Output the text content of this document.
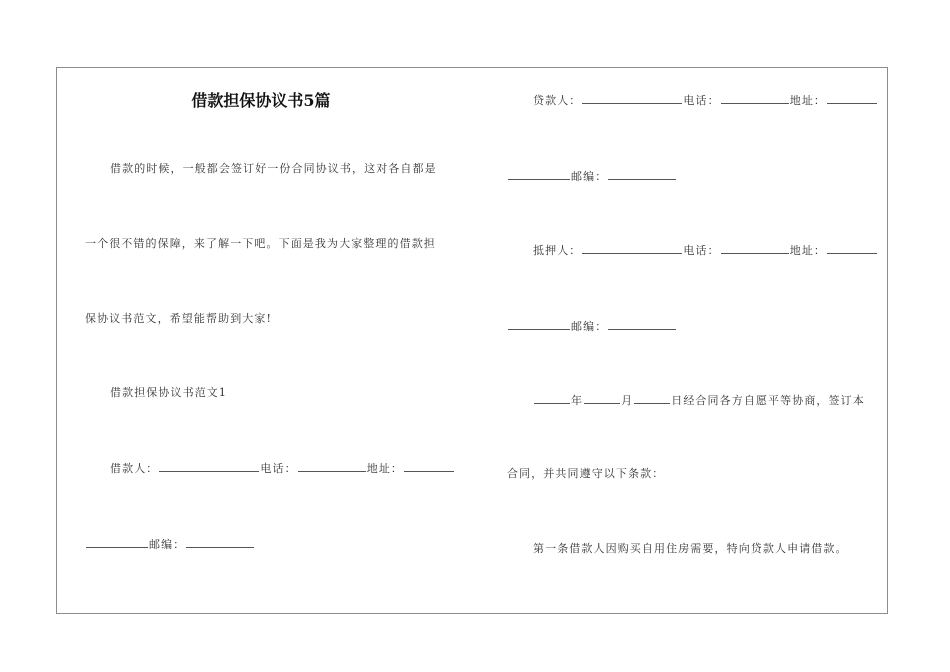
借款担保协议书5篇
借款的时候，一般都会签订好一份合同协议书，这对各自都是
一个很不错的保障，来了解一下吧。下面是我为大家整理的借款担
保协议书范文，希望能帮助到大家!
借款担保协议书范文1
借款人：	电话：	地址：
邮编：
贷款人：	电话：	地址：
邮编：
抵押人：	电话：	地址：
邮编：
年	月	日经合同各方自愿平等协商，签订本
合同，并共同遵守以下条款：
第一条借款人因购买自用住房需要，特向贷款人申请借款。
